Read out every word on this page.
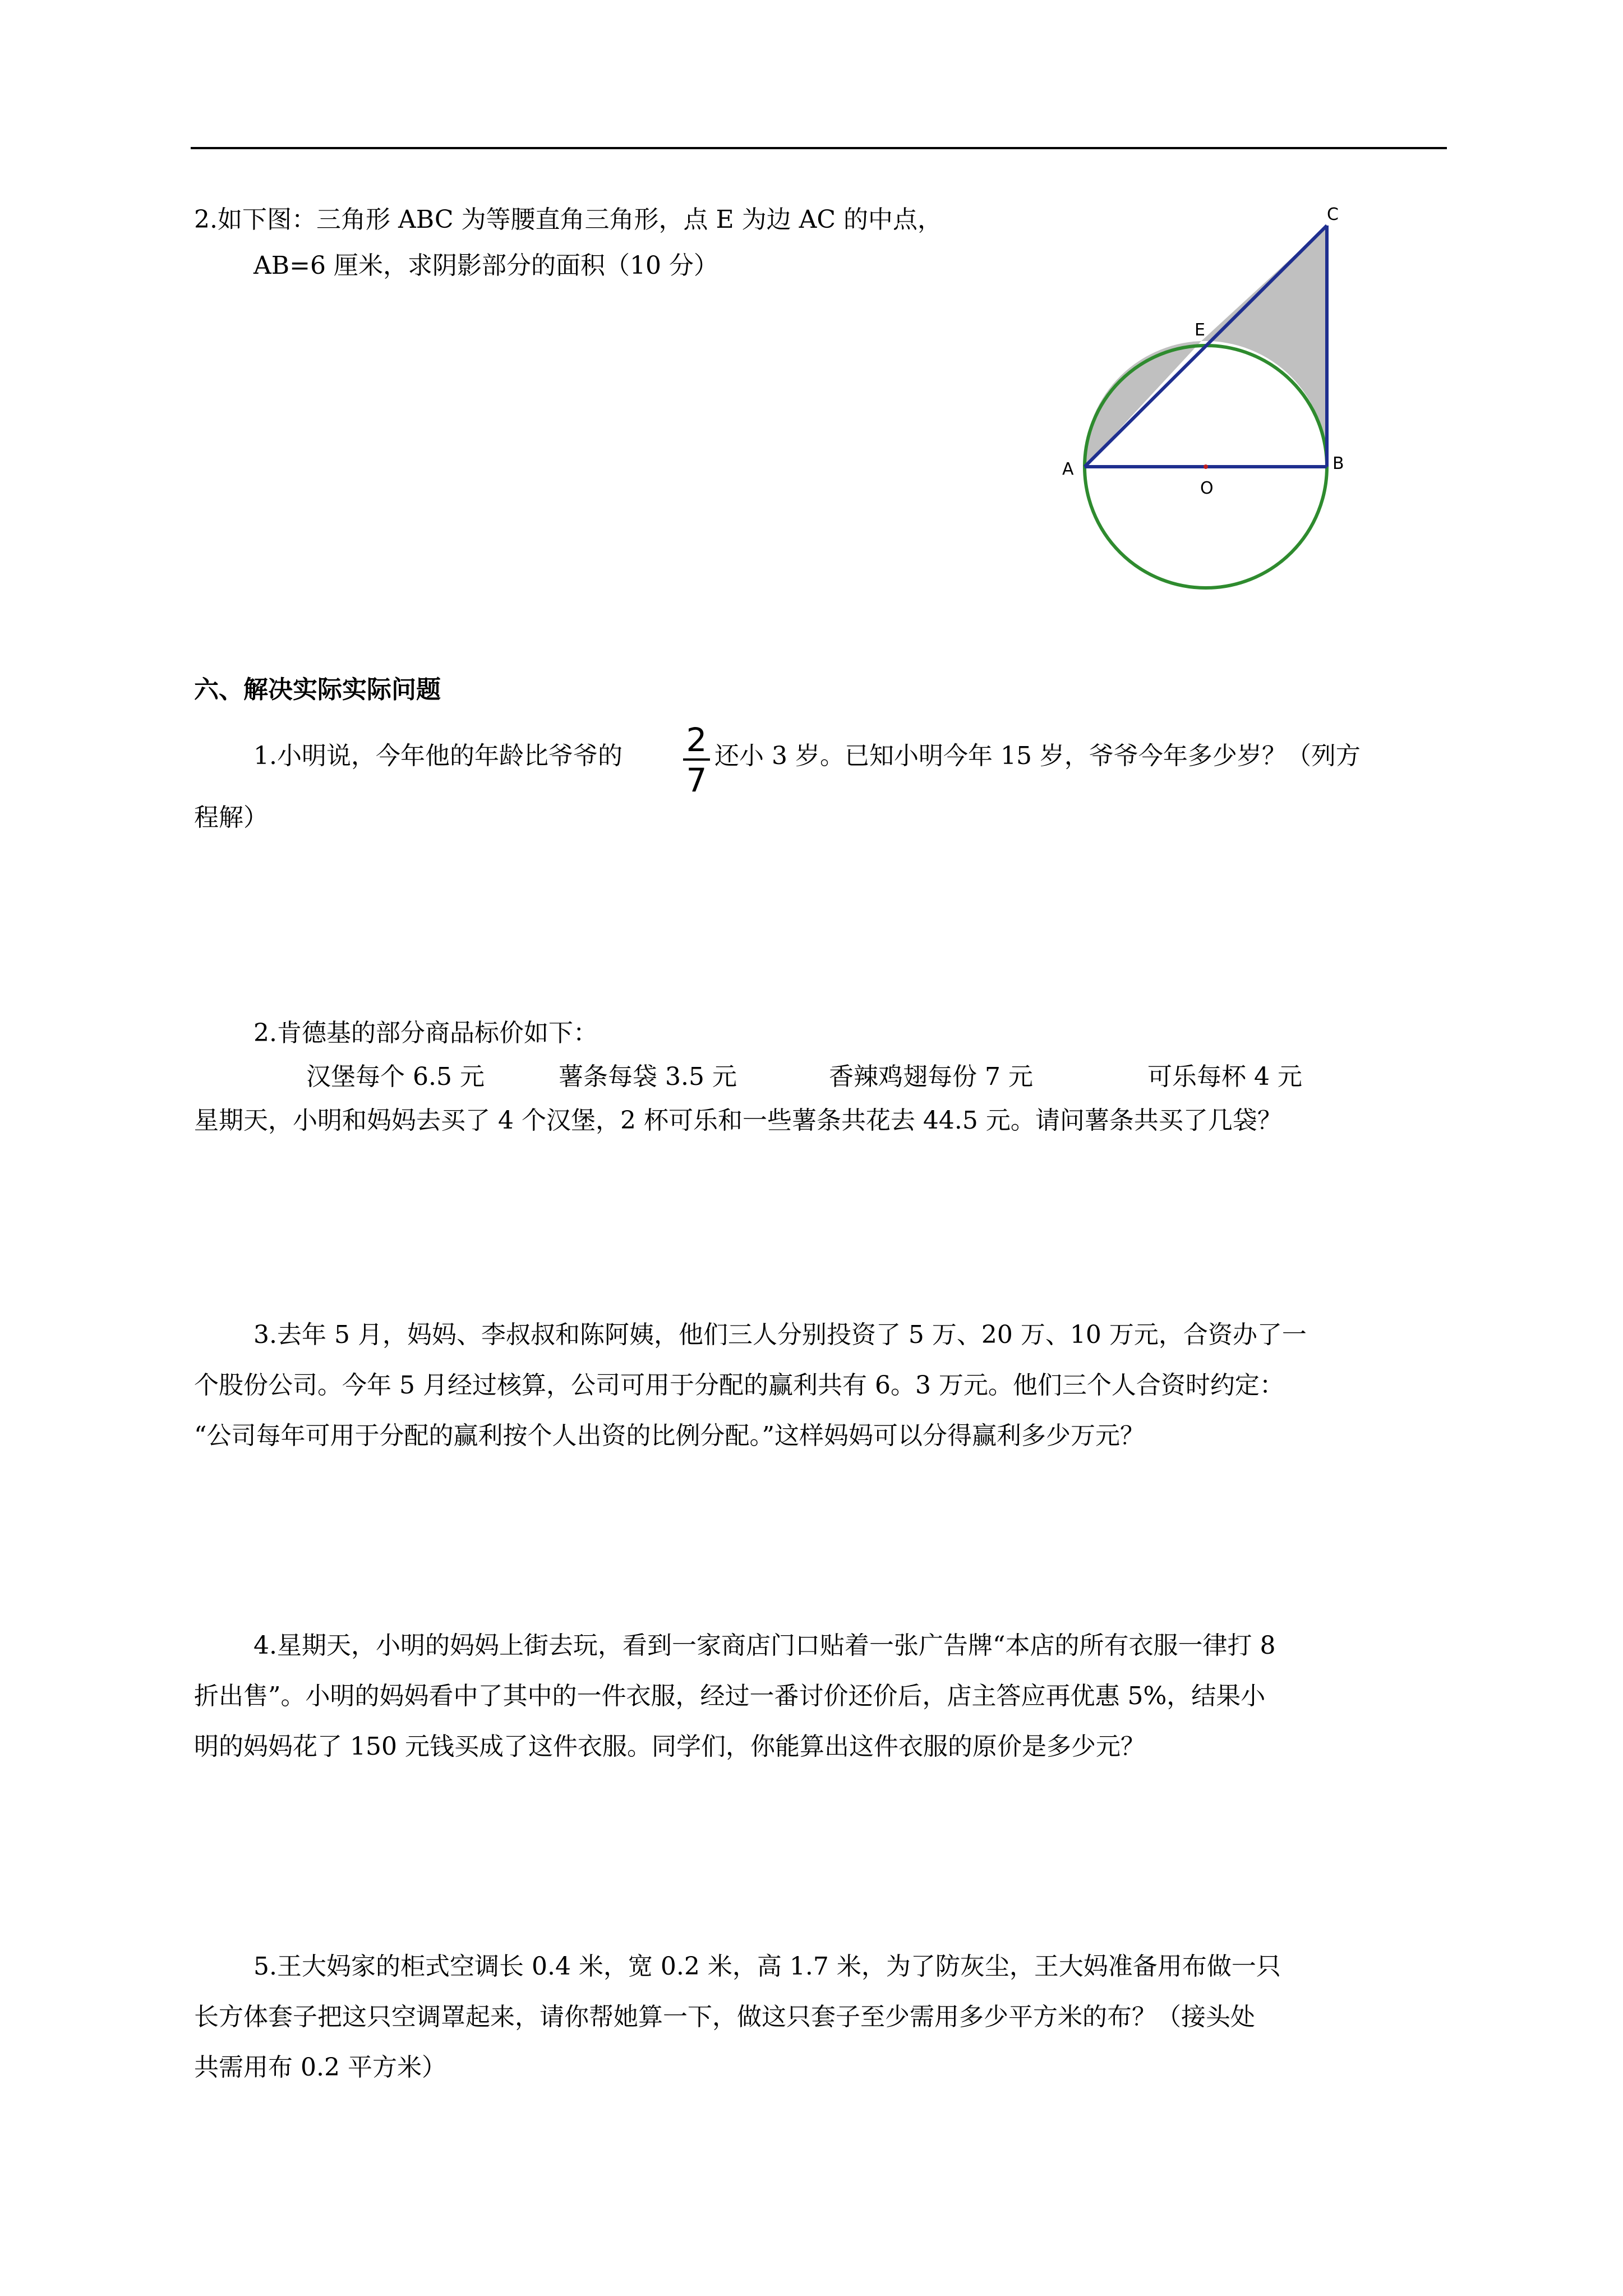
2.如下图：三角形 ABC 为等腰直角三角形，点 E 为边 AC 的中点，
AB=6 厘米，求阴影部分的面积（10 分）
C
E
A	B
O
六、解决实际实际问题
1.小明说，今年他的年龄比爷爷的 2
7
还小 3 岁。已知小明今年 15 岁，爷爷今年多少岁？（列方
程解）
2.肯德基的部分商品标价如下：
汉堡每个 6.5 元	薯条每袋 3.5 元	香辣鸡翅每份 7 元	可乐每杯 4 元
星期天，小明和妈妈去买了 4 个汉堡，2 杯可乐和一些薯条共花去 44.5 元。请问薯条共买了几袋？
3.去年 5 月，妈妈、李叔叔和陈阿姨，他们三人分别投资了 5 万、20 万、10 万元，合资办了一
个股份公司。今年 5 月经过核算，公司可用于分配的赢利共有 6。3 万元。他们三个人合资时约定：
“公司每年可用于分配的赢利按个人出资的比例分配。”这样妈妈可以分得赢利多少万元？
4.星期天，小明的妈妈上街去玩，看到一家商店门口贴着一张广告牌“本店的所有衣服一律打 8
折出售”。小明的妈妈看中了其中的一件衣服，经过一番讨价还价后，店主答应再优惠 5%，结果小
明的妈妈花了 150 元钱买成了这件衣服。同学们，你能算出这件衣服的原价是多少元？
5.王大妈家的柜式空调长 0.4 米，宽 0.2 米，高 1.7 米，为了防灰尘，王大妈准备用布做一只
长方体套子把这只空调罩起来，请你帮她算一下，做这只套子至少需用多少平方米的布？（接头处
共需用布 0.2 平方米）
